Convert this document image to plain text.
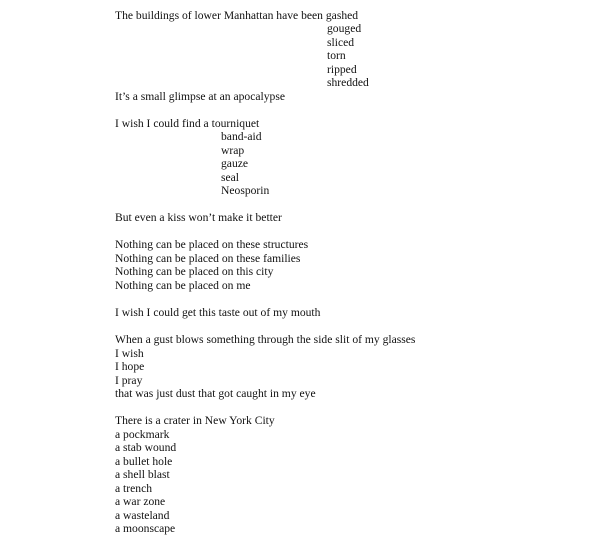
The buildings of lower Manhattan have been gashed
gouged
sliced
torn
ripped
shredded
It’s a small glimpse at an apocalypse
I wish I could find a tourniquet
band-aid
wrap
gauze
seal
Neosporin
But even a kiss won’t make it better
Nothing can be placed on these structures
Nothing can be placed on these families
Nothing can be placed on this city
Nothing can be placed on me
I wish I could get this taste out of my mouth
When a gust blows something through the side slit of my glasses
I wish
I hope
I pray
that was just dust that got caught in my eye
There is a crater in New York City
a pockmark
a stab wound
a bullet hole
a shell blast
a trench
a war zone
a wasteland
a moonscape
